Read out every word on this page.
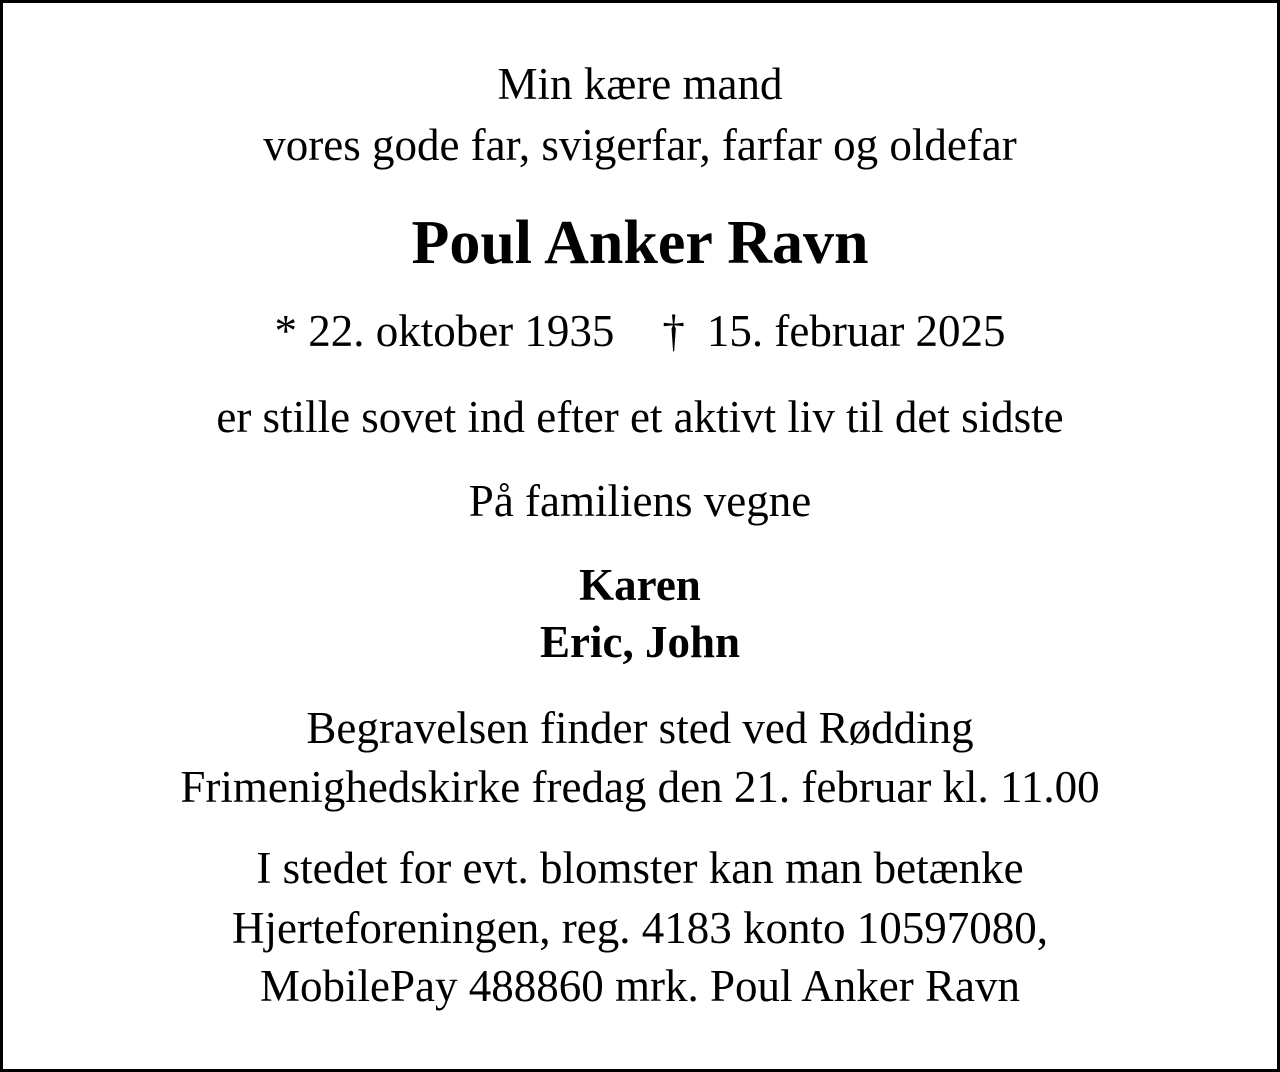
Min kære mand
vores gode far, svigerfar, farfar og oldefar
Poul Anker Ravn
* 22. oktober 1935 † 15. februar 2025
er stille sovet ind efter et aktivt liv til det sidste
På familiens vegne
Karen
Eric, John
Begravelsen finder sted ved Rødding
Frimenighedskirke fredag den 21. februar kl. 11.00
I stedet for evt. blomster kan man betænke
Hjerteforeningen, reg. 4183 konto 10597080,
MobilePay 488860 mrk. Poul Anker Ravn
